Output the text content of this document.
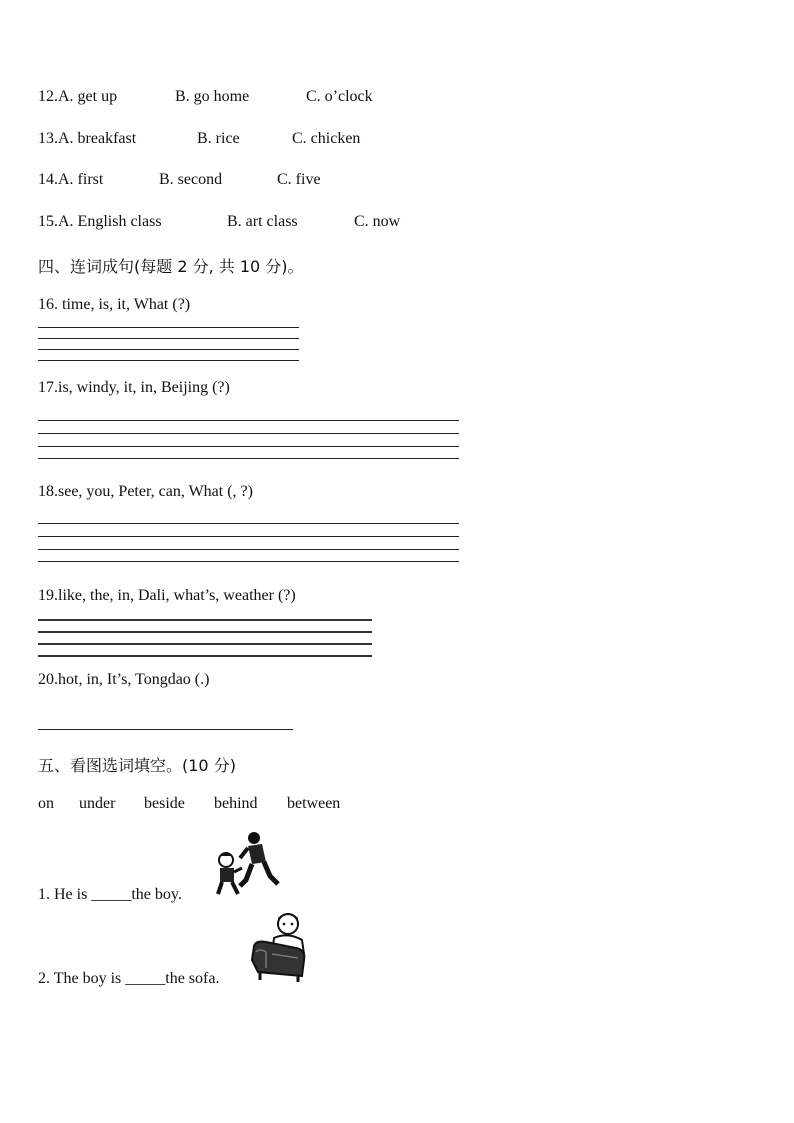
12.A. get up	B. go home	C. o’clock
13.A. breakfast	B. rice	C. chicken
14.A. first	B. second	C. five
15.A. English class	B. art class	C. now
四、连词成句(每题 2 分, 共 10 分)。
16. time, is, it, What (?)
17.is, windy, it, in, Beijing (?)
18.see, you, Peter, can, What (, ?)
19.like, the, in, Dali, what’s, weather (?)
20.hot, in, It’s, Tongdao (.)
五、看图选词填空。(10 分)
on under beside behind between
1. He is _____the boy.
2. The boy is _____the sofa.
